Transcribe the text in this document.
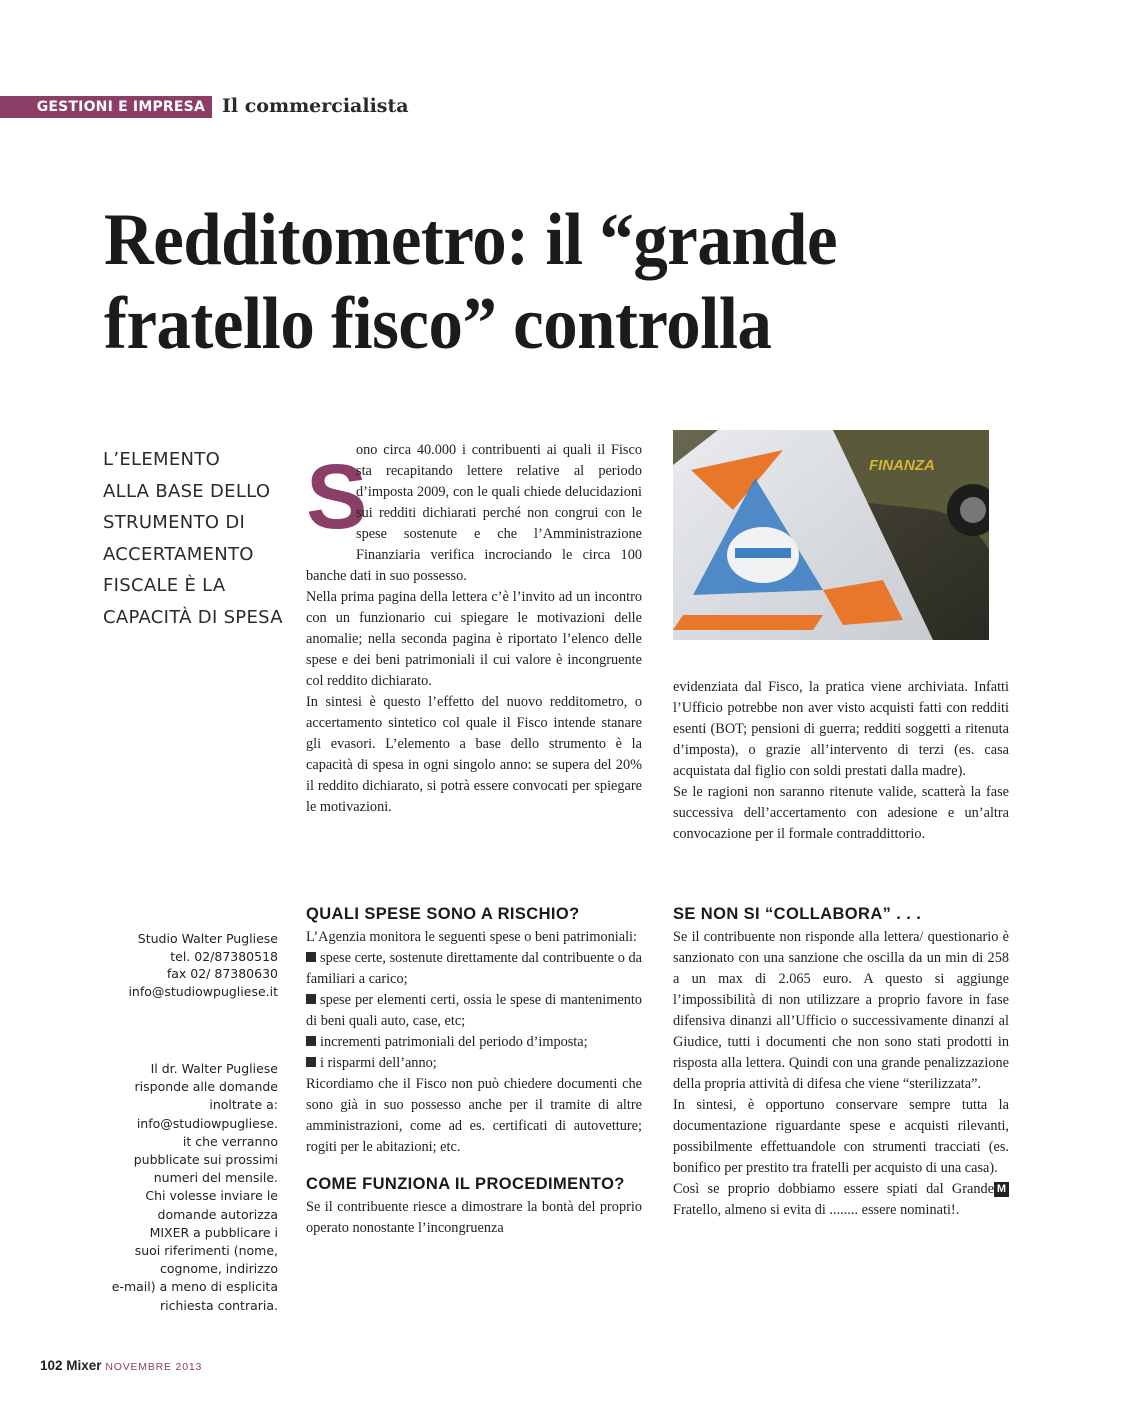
GESTIONI E IMPRESA Il commercialista
Redditometro: il “grande
fratello fisco” controlla
L’ELEMENTO
ALLA BASE DELLO
STRUMENTO DI
ACCERTAMENTO
FISCALE È LA
CAPACITÀ DI SPESA
Studio Walter Pugliese
tel. 02/87380518
fax 02/ 87380630
info@studiowpugliese.it
Il dr. Walter Pugliese
risponde alle domande
inoltrate a:
info@studiowpugliese.
it che verranno
pubblicate sui prossimi
numeri del mensile.
Chi volesse inviare le
domande autorizza
MIXER a pubblicare i
suoi riferimenti (nome,
cognome, indirizzo
e-mail) a meno di esplicita
richiesta contraria.
S

ono circa 40.000 i contribuenti ai quali il Fisco sta recapitando lettere relative al periodo d’imposta 2009, con le quali chiede delucidazioni sui redditi dichiarati perché non congrui con le spese sostenute e che l’Amministrazione Finanziaria verifica incrociando le circa 100 banche dati in suo possesso.

Nella prima pagina della lettera c’è l’invito ad un incontro con un funzionario cui spiegare le motivazioni delle anomalie; nella seconda pagina è riportato l’elenco delle spese e dei beni patrimoniali il cui valore è incongruente col reddito dichiarato.

In sintesi è questo l’effetto del nuovo redditometro, o accertamento sintetico col quale il Fisco intende stanare gli evasori. L’elemento a base dello strumento è la capacità di spesa in ogni singolo anno: se supera del 20% il reddito dichiarato, si potrà essere convocati per spiegare le motivazioni.

QUALI SPESE SONO A RISCHIO?

L’Agenzia monitora le seguenti spese o beni patrimoniali:

spese certe, sostenute direttamente dal contribuente o da familiari a carico;

spese per elementi certi, ossia le spese di mantenimento di beni quali auto, case, etc;

incrementi patrimoniali del periodo d’imposta;

i risparmi dell’anno;

Ricordiamo che il Fisco non può chiedere documenti che sono già in suo possesso anche per il tramite di altre amministrazioni, come ad es. certificati di autovetture; rogiti per le abitazioni; etc.

COME FUNZIONA IL PROCEDIMENTO?

Se il contribuente riesce a dimostrare la bontà del proprio operato nonostante l’incongruenza

FINANZA

evidenziata dal Fisco, la pratica viene archiviata. Infatti l’Ufficio potrebbe non aver visto acquisti fatti con redditi esenti (BOT; pensioni di guerra; redditi soggetti a ritenuta d’imposta), o grazie all’intervento di terzi (es. casa acquistata dal figlio con soldi prestati dalla madre).

Se le ragioni non saranno ritenute valide, scatterà la fase successiva dell’accertamento con adesione e un’altra convocazione per il formale contraddittorio.

SE NON SI “COLLABORA” . . .

Se il contribuente non risponde alla lettera/ questionario è sanzionato con una sanzione che oscilla da un min di 258 a un max di 2.065 euro. A questo si aggiunge l’impossibilità di non utilizzare a proprio favore in fase difensiva dinanzi all’Ufficio o successivamente dinanzi al Giudice, tutti i documenti che non sono stati prodotti in risposta alla lettera. Quindi con una grande penalizzazione della propria attività di difesa che viene “sterilizzata”.

In sintesi, è opportuno conservare sempre tutta la documentazione riguardante spese e acquisti rilevanti, possibilmente effettuandole con strumenti tracciati (es. bonifico per prestito tra fratelli per acquisto di una casa).

M
Così se proprio dobbiamo essere spiati dal Grande Fratello, almeno si evita di ........ essere nominati!.

102 Mixer NOVEMBRE 2013
